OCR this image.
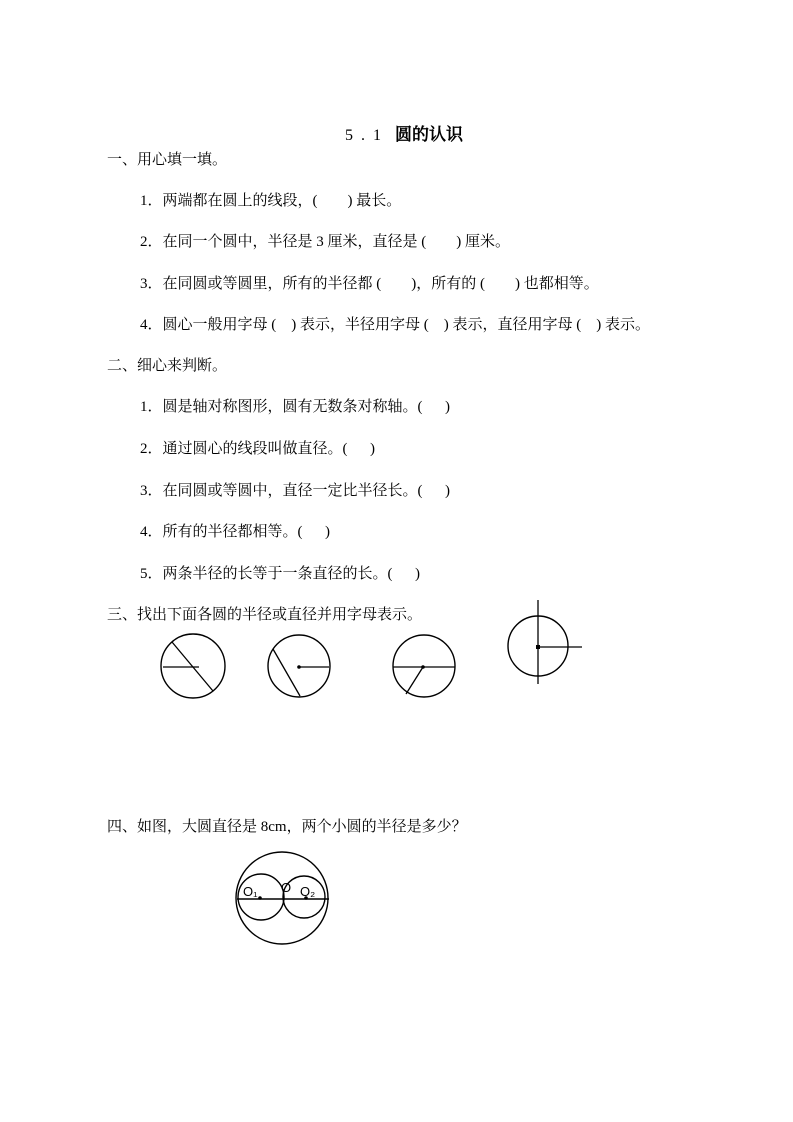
5 . 1 圆的认识

一、用心填一填。
1．两端都在圆上的线段，(        ) 最长。
2．在同一个圆中，半径是 3 厘米，直径是 (        ) 厘米。
3．在同圆或等圆里，所有的半径都 (        )，所有的 (        ) 也都相等。
4．圆心一般用字母 (    ) 表示，半径用字母 (    ) 表示，直径用字母 (    ) 表示。
二、细心来判断。
1．圆是轴对称图形，圆有无数条对称轴。(      )
2．通过圆心的线段叫做直径。(      )
3．在同圆或等圆中，直径一定比半径长。(      )
4．所有的半径都相等。(      )
5．两条半径的长等于一条直径的长。(      )
三、找出下面各圆的半径或直径并用字母表示。
四、如图，大圆直径是 8cm，两个小圆的半径是多少？
O
O₁	O₂
